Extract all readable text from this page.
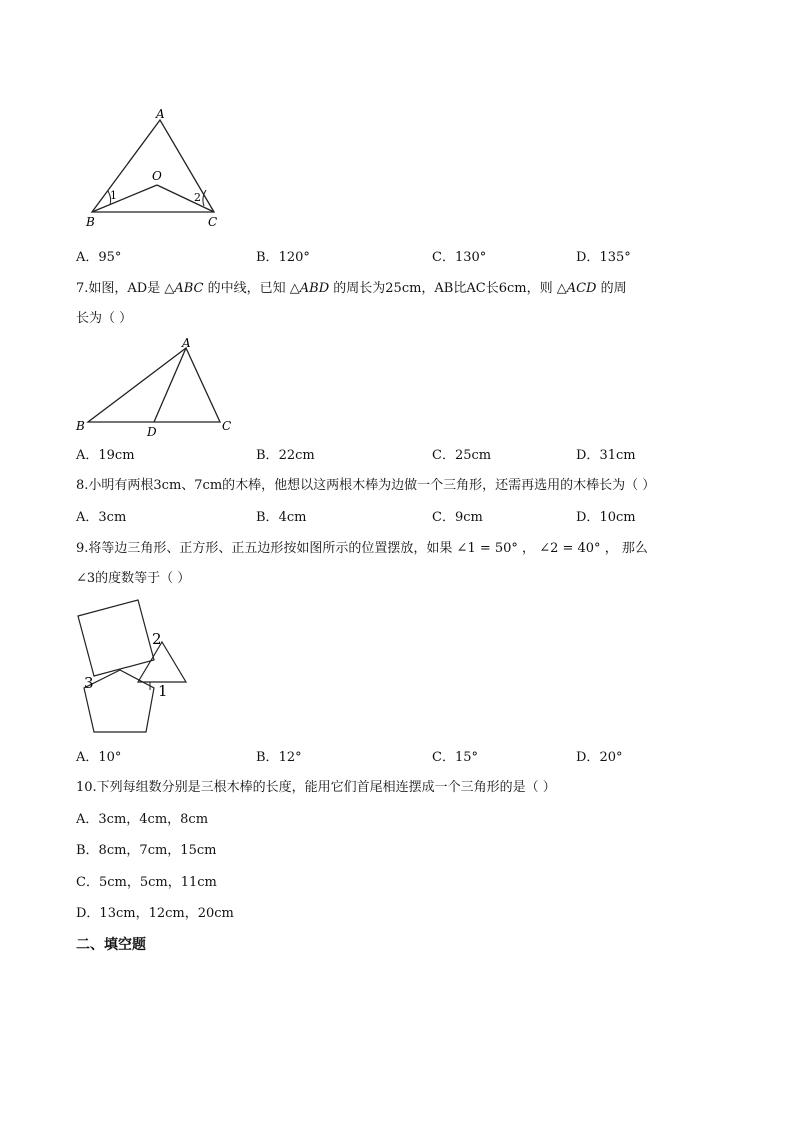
A
O
B	C
1	2
A．95°	B．120°	C．130°	D．135°
7.如图，AD是 △ABC 的中线，已知 △ABD 的周长为25cm，AB比AC长6cm，则 △ACD 的周
长为（ ）
A
B	C
D
A．19cm	B．22cm	C．25cm	D．31cm
8.小明有两根3cm、7cm的木棒，他想以这两根木棒为边做一个三角形，还需再选用的木棒长为（ ）
A．3cm	B．4cm	C．9cm	D．10cm
9.将等边三角形、正方形、正五边形按如图所示的位置摆放，如果 ∠1 = 50° ， ∠2 = 40° ， 那么
∠3的度数等于（ ）
2
3	1
A．10°	B．12°	C．15°	D．20°
10.下列每组数分别是三根木棒的长度，能用它们首尾相连摆成一个三角形的是（ ）
A．3cm，4cm，8cm
B．8cm，7cm，15cm
C．5cm，5cm，11cm
D．13cm，12cm，20cm
二、填空题
